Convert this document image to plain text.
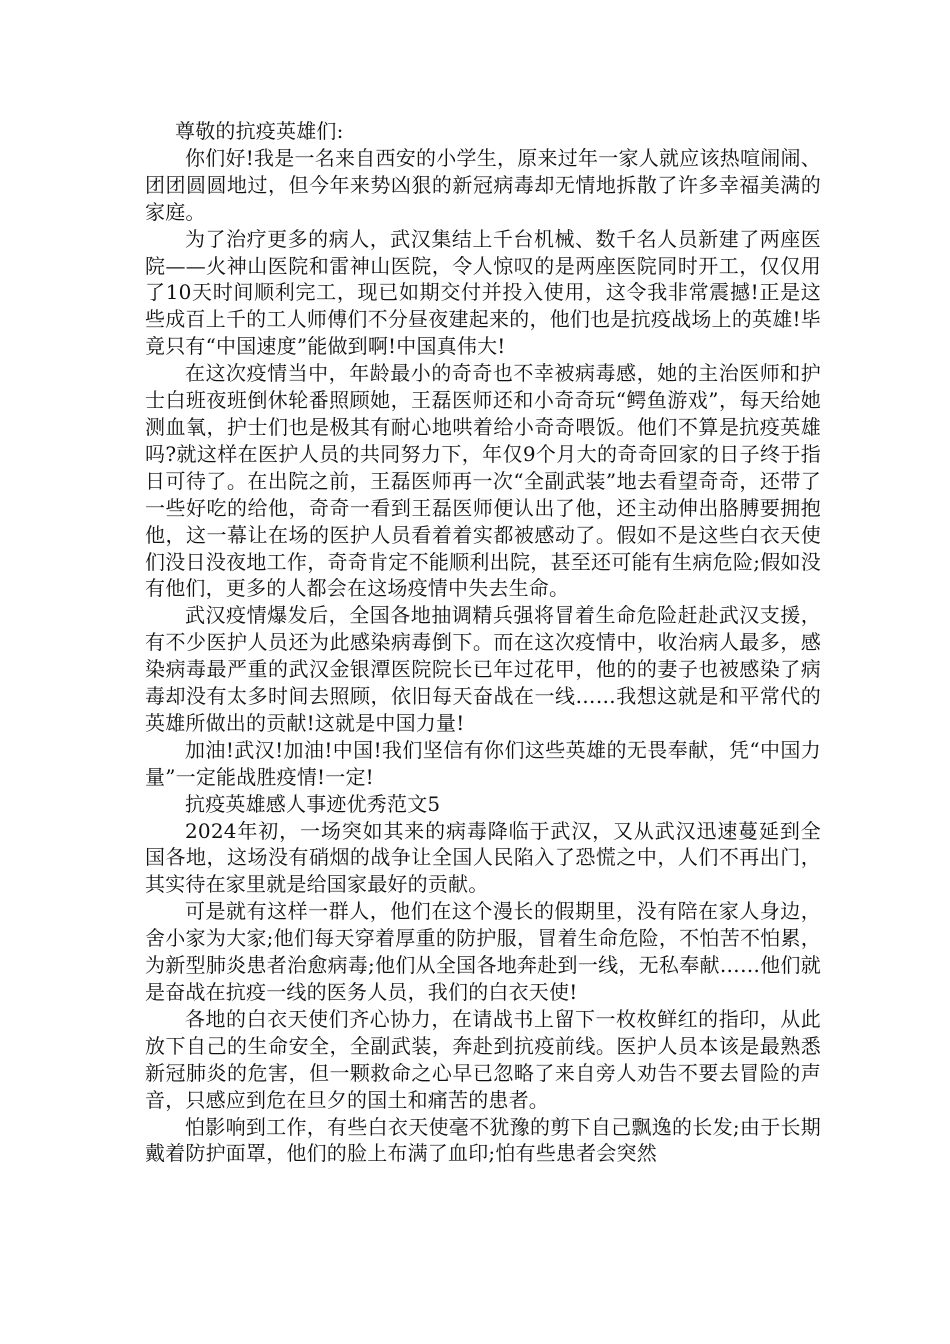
尊敬的抗疫英雄们:

你们好!我是一名来自西安的小学生，原来过年一家人就应该热喧闹闹、团团圆圆地过，但今年来势凶狠的新冠病毒却无情地拆散了许多幸福美满的家庭。

为了治疗更多的病人，武汉集结上千台机械、数千名人员新建了两座医院——火神山医院和雷神山医院，令人惊叹的是两座医院同时开工，仅仅用了10天时间顺利完工，现已如期交付并投入使用，这令我非常震撼!正是这些成百上千的工人师傅们不分昼夜建起来的，他们也是抗疫战场上的英雄!毕竟只有“中国速度”能做到啊!中国真伟大!

在这次疫情当中，年龄最小的奇奇也不幸被病毒感，她的主治医师和护士白班夜班倒休轮番照顾她，王磊医师还和小奇奇玩“鳄鱼游戏”，每天给她测血氧，护士们也是极其有耐心地哄着给小奇奇喂饭。他们不算是抗疫英雄吗?就这样在医护人员的共同努力下，年仅9个月大的奇奇回家的日子终于指日可待了。在出院之前，王磊医师再一次“全副武装”地去看望奇奇，还带了一些好吃的给他，奇奇一看到王磊医师便认出了他，还主动伸出胳膊要拥抱他，这一幕让在场的医护人员看着着实都被感动了。假如不是这些白衣天使们没日没夜地工作，奇奇肯定不能顺利出院，甚至还可能有生病危险;假如没有他们，更多的人都会在这场疫情中失去生命。

武汉疫情爆发后，全国各地抽调精兵强将冒着生命危险赶赴武汉支援，有不少医护人员还为此感染病毒倒下。而在这次疫情中，收治病人最多，感染病毒最严重的武汉金银潭医院院长已年过花甲，他的的妻子也被感染了病毒却没有太多时间去照顾，依旧每天奋战在一线……我想这就是和平常代的英雄所做出的贡献!这就是中国力量!

加油!武汉!加油!中国!我们坚信有你们这些英雄的无畏奉献，凭“中国力量”一定能战胜疫情!一定!

抗疫英雄感人事迹优秀范文5

2024年初，一场突如其来的病毒降临于武汉，又从武汉迅速蔓延到全国各地，这场没有硝烟的战争让全国人民陷入了恐慌之中，人们不再出门，其实待在家里就是给国家最好的贡献。

可是就有这样一群人，他们在这个漫长的假期里，没有陪在家人身边，舍小家为大家;他们每天穿着厚重的防护服，冒着生命危险，不怕苦不怕累，为新型肺炎患者治愈病毒;他们从全国各地奔赴到一线，无私奉献……他们就是奋战在抗疫一线的医务人员，我们的白衣天使!

各地的白衣天使们齐心协力，在请战书上留下一枚枚鲜红的指印，从此放下自己的生命安全，全副武装，奔赴到抗疫前线。医护人员本该是最熟悉新冠肺炎的危害，但一颗救命之心早已忽略了来自旁人劝告不要去冒险的声音，只感应到危在旦夕的国土和痛苦的患者。

怕影响到工作，有些白衣天使毫不犹豫的剪下自己飘逸的长发;由于长期戴着防护面罩，他们的脸上布满了血印;怕有些患者会突然
